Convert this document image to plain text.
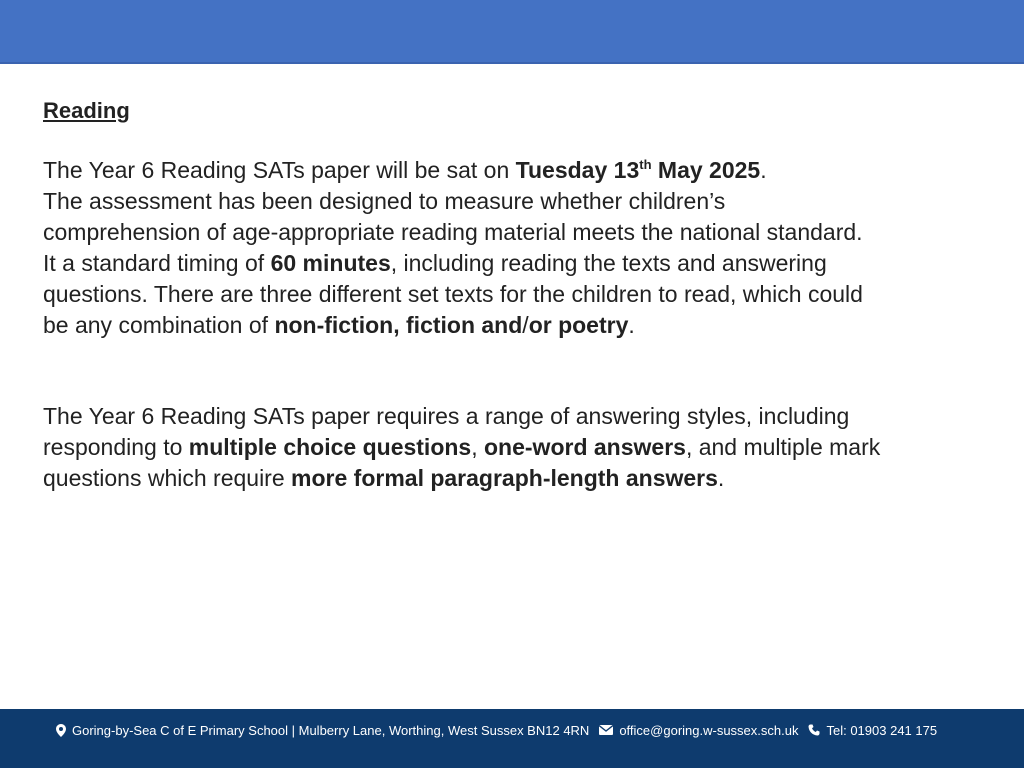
Reading

The Year 6 Reading SATs paper will be sat on Tuesday 13th May 2025.
The assessment has been designed to measure whether children’s
comprehension of age-appropriate reading material meets the national standard.
It a standard timing of 60 minutes, including reading the texts and answering
questions. There are three different set texts for the children to read, which could
be any combination of non-fiction, fiction and/or poetry.

The Year 6 Reading SATs paper requires a range of answering styles, including
responding to multiple choice questions, one-word answers, and multiple mark
questions which require more formal paragraph-length answers.

Goring-by-Sea C of E Primary School | Mulberry Lane, Worthing, West Sussex BN12 4RN office@goring.w-sussex.sch.uk Tel: 01903 241 175
